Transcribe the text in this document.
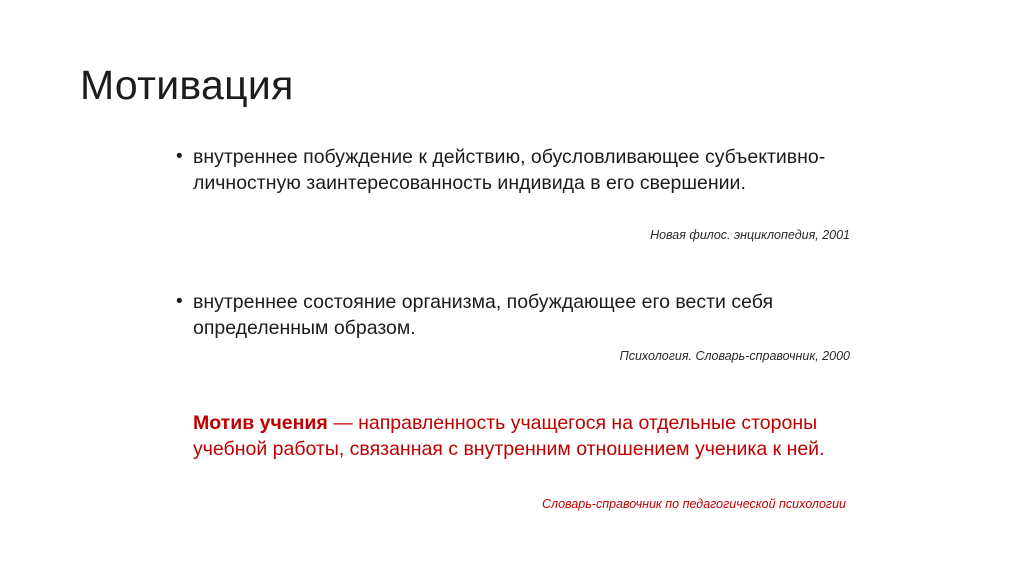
Мотивация
• внутреннее побуждение к действию, обусловливающее субъективно-личностную заинтересованность индивида в его свершении.
Новая филос. энциклопедия, 2001
• внутреннее состояние организма, побуждающее его вести себя определенным образом.
Психология. Словарь-справочник, 2000
Мотив учения — направленность учащегося на отдельные стороны учебной работы, связанная с внутренним отношением ученика к ней.
Словарь-справочник по педагогической психологии
